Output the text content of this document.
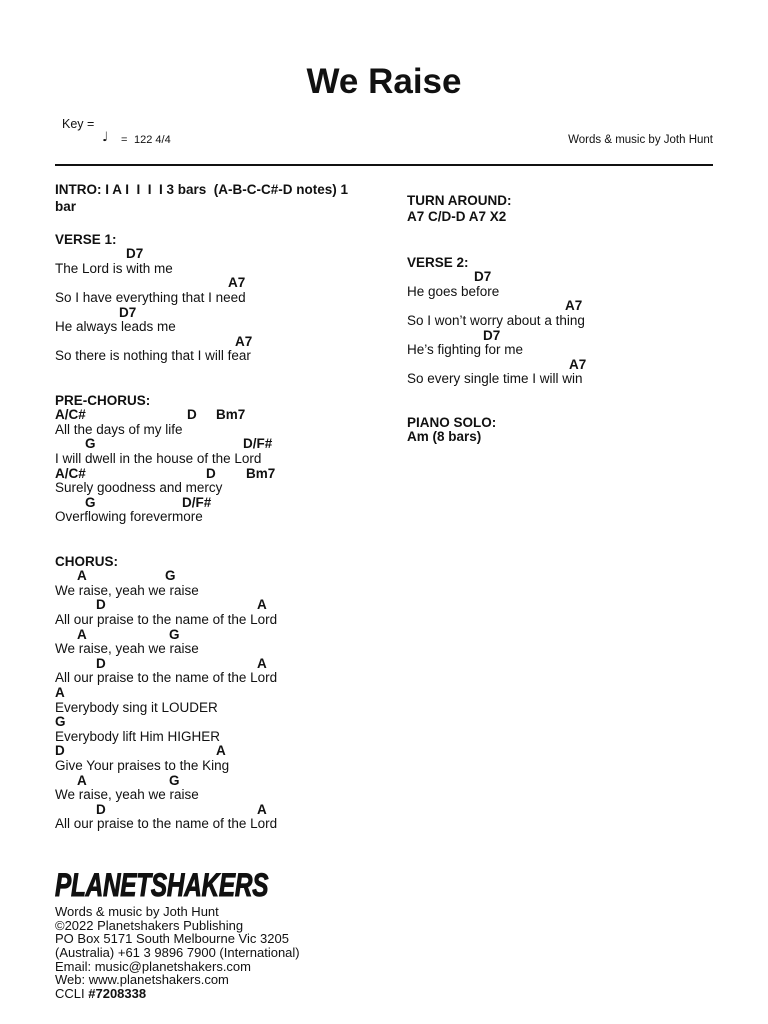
We Raise
Key =
♩ = 122 4/4	Words & music by Joth Hunt
INTRO: I A I  I  I  I 3 bars  (A-B-C-C#-D notes) 1 bar
VERSE 1:
D7
The Lord is with me
A7
So I have everything that I need
D7
He always leads me
A7
So there is nothing that I will fear
PRE-CHORUS:
A/C#	D Bm7
All the days of my life
G	D/F#
I will dwell in the house of the Lord
A/C#	D Bm7
Surely goodness and mercy
G	D/F#
Overflowing forevermore
CHORUS:
A	G
We raise, yeah we raise
D	A
All our praise to the name of the Lord
A	G
We raise, yeah we raise
D	A
All our praise to the name of the Lord
A
Everybody sing it LOUDER
G
Everybody lift Him HIGHER
D	A
Give Your praises to the King
A	G
We raise, yeah we raise
D	A
All our praise to the name of the Lord
TURN AROUND:
A7 C/D-D A7 X2
VERSE 2:
D7
He goes before
A7
So I won’t worry about a thing
D7
He’s fighting for me
A7
So every single time I will win
PIANO SOLO:
Am (8 bars)
PLANETSHAKERS
Words & music by Joth Hunt
©2022 Planetshakers Publishing
PO Box 5171 South Melbourne Vic 3205
(Australia) +61 3 9896 7900 (International)
Email: music@planetshakers.com
Web: www.planetshakers.com
CCLI #7208338
